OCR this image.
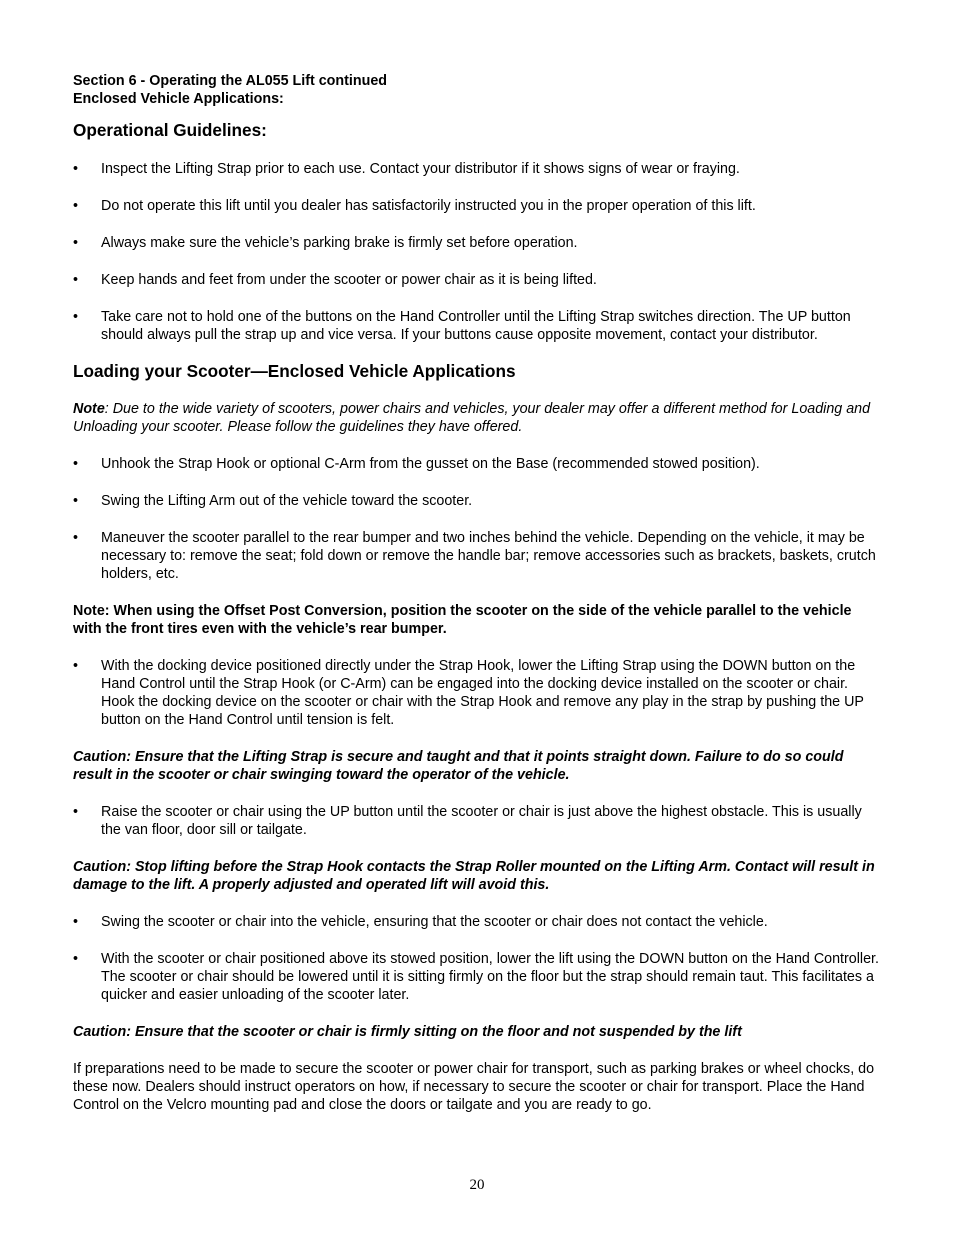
Section 6 - Operating the AL055 Lift continued
Enclosed Vehicle Applications:
Operational Guidelines:
•	Inspect the Lifting Strap prior to each use. Contact your distributor if it shows signs of wear or fraying.
•	Do not operate this lift until you dealer has satisfactorily instructed you in the proper operation of this lift.
•	Always make sure the vehicle’s parking brake is firmly set before operation.
•	Keep hands and feet from under the scooter or power chair as it is being lifted.
•	Take care not to hold one of the buttons on the Hand Controller until the Lifting Strap switches direction. The UP button should always pull the strap up and vice versa. If your buttons cause opposite movement, contact your distributor.
Loading your Scooter—Enclosed Vehicle Applications
Note: Due to the wide variety of scooters, power chairs and vehicles, your dealer may offer a different method for Loading and Unloading your scooter. Please follow the guidelines they have offered.
•	Unhook the Strap Hook or optional C-Arm from the gusset on the Base (recommended stowed position).
•	Swing the Lifting Arm out of the vehicle toward the scooter.
•	Maneuver the scooter parallel to the rear bumper and two inches behind the vehicle. Depending on the vehicle, it may be necessary to: remove the seat; fold down or remove the handle bar; remove accessories such as brackets, baskets, crutch holders, etc.
Note: When using the Offset Post Conversion, position the scooter on the side of the vehicle parallel to the vehicle with the front tires even with the vehicle’s rear bumper.
•	With the docking device positioned directly under the Strap Hook, lower the Lifting Strap using the DOWN button on the Hand Control until the Strap Hook (or C-Arm) can be engaged into the docking device installed on the scooter or chair. Hook the docking device on the scooter or chair with the Strap Hook and remove any play in the strap by pushing the UP button on the Hand Control until tension is felt.
Caution: Ensure that the Lifting Strap is secure and taught and that it points straight down. Failure to do so could result in the scooter or chair swinging toward the operator of the vehicle.
•	Raise the scooter or chair using the UP button until the scooter or chair is just above the highest obstacle. This is usually the van floor, door sill or tailgate.
Caution: Stop lifting before the Strap Hook contacts the Strap Roller mounted on the Lifting Arm. Contact will result in damage to the lift. A properly adjusted and operated lift will avoid this.
•	Swing the scooter or chair into the vehicle, ensuring that the scooter or chair does not contact the vehicle.
•	With the scooter or chair positioned above its stowed position, lower the lift using the DOWN button on the Hand Controller. The scooter or chair should be lowered until it is sitting firmly on the floor but the strap should remain taut. This facilitates a quicker and easier unloading of the scooter later.
Caution: Ensure that the scooter or chair is firmly sitting on the floor and not suspended by the lift
If preparations need to be made to secure the scooter or power chair for transport, such as parking brakes or wheel chocks, do these now. Dealers should instruct operators on how, if necessary to secure the scooter or chair for transport. Place the Hand Control on the Velcro mounting pad and close the doors or tailgate and you are ready to go.
20
